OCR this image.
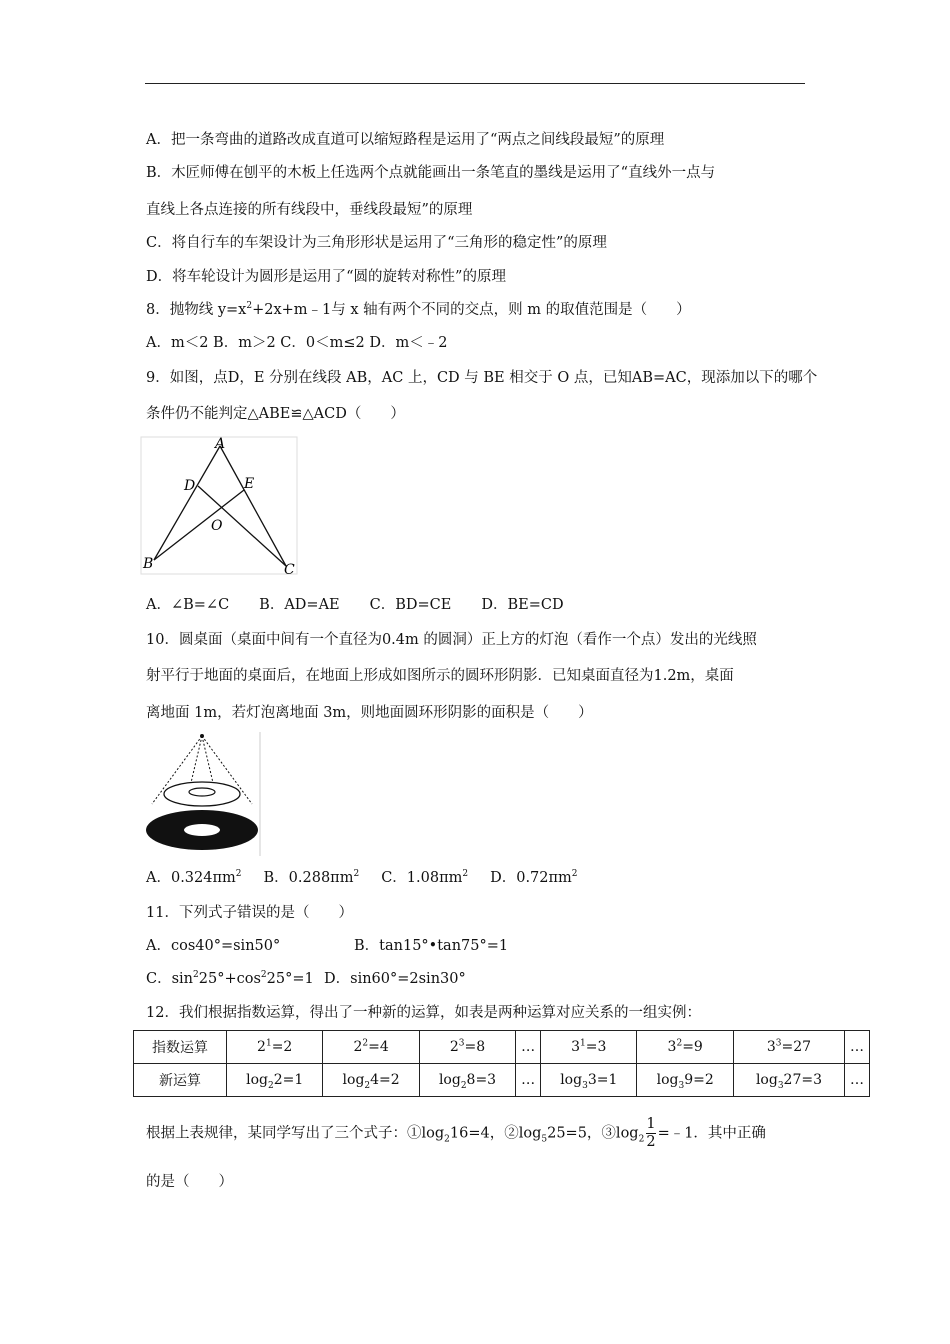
A．把一条弯曲的道路改成直道可以缩短路程是运用了“两点之间线段最短”的原理
B．木匠师傅在刨平的木板上任选两个点就能画出一条笔直的墨线是运用了“直线外一点与
直线上各点连接的所有线段中，垂线段最短”的原理
C．将自行车的车架设计为三角形形状是运用了“三角形的稳定性”的原理
D．将车轮设计为圆形是运用了“圆的旋转对称性”的原理
8．抛物线 $y=x^2+2x+m﹣1$与 x 轴有两个不同的交点，则 m 的取值范围是（　　）
A．m＜2 B．m＞2 C．0＜m≤2 D．m＜﹣2
9．如图，点D，E 分别在线段 AB，AC 上，CD 与 BE 相交于 O 点，已知AB=AC，现添加以下的哪个
条件仍不能判定△ABE≌△ACD（　　）
A
D	E
O
B	C
A．∠B=∠C B．AD=AE C．BD=CE D．BE=CD
10．圆桌面（桌面中间有一个直径为0.4m 的圆洞）正上方的灯泡（看作一个点）发出的光线照
射平行于地面的桌面后，在地面上形成如图所示的圆环形阴影．已知桌面直径为1.2m，桌面
离地面 1m，若灯泡离地面 3m，则地面圆环形阴影的面积是（　　）
A．$0.324\pi m^2$ B．$0.288\pi m^2$ C．$1.08\pi m^2$ D．$0.72\pi m^2$
11．下列式子错误的是（　　）
A．cos40°=sin50°	B．tan15°•tan75°=1
C．$\sin^225^\circ+\cos^225^\circ=1$ D．sin60°=2sin30°
12．我们根据指数运算，得出了一种新的运算，如表是两种运算对应关系的一组实例：
指数运算	$2^1=2$	$2^2=4$	$2^3=8$	…	$3^1=3$	$3^2=9$	$3^3=27$	…
新运算	$\log_22=1$	$\log_24=2$	$\log_28=3$	…	$\log_33=1$	$\log_39=2$	$\log_327=3$	…
根据上表规律，某同学写出了三个式子：$①\log_216=4$，$②\log_525=5$，$③\log_2 \frac{1}{2}$ =﹣1．其中正确
的是（　　）
